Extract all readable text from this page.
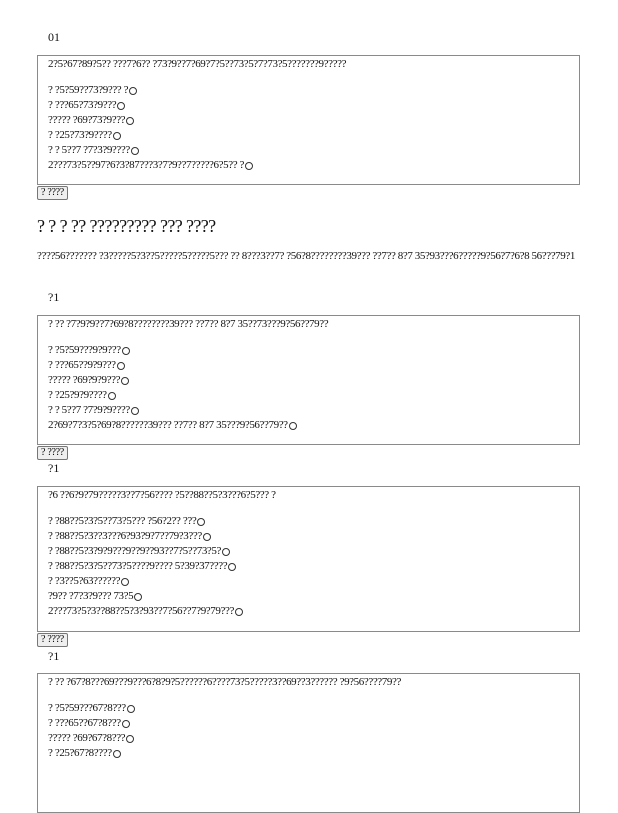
01
2?5?67?89?5?? ???7?6?? ?73?9??7?69?7?5??73?5?7?73?5???????9?????
? ?5?59??73?9??? ?
? ???65?73?9???
????? ?69?73?9???
? ?25?73?9????
? ? 5??7 ?7?3?9????
2???73?5??97?6?3?87???3?7?9??7?????6?5?? ?
? ????
? ? ? ?? ????????? ??? ????
????56??????? ?3?????5?3??5?????5?????5??? ?? 8???3??7? ?56?8????????39??? ??7?? 8?7 35?93???6?????9?56?7?6?8 56???79?1
?1
? ?? ?7?9?9??7?69?8????????39??? ??7?? 8?7 35??73???9?56??79??
? ?5?59???9?9???
? ???65??9?9???
????? ?69?9?9???
? ?25?9?9????
? ? 5??7 ?7?9?9????
2?69?7?3?5?69?8??????39??? ??7?? 8?7 35???9?56??79??
? ????
?1
?6 ??6?9?79?????3??7?56???? ?5??88??5?3???6?5??? ?
? ?88??5?3?5??73?5??? ?56?2?? ???
? ?88??5?3??3???6?93?9?7??79?3???
? ?88??5?3?9?9???9??9??93??7?5??73?5?
? ?88??5?3?5??73?5????9???? 5?39?37????
? ?3??5?63??????
?9?? ?7?3?9??? 73?5
2???73?5?3??88??5?3?93??7?56??7?9?79???
? ????
?1
? ?? ?67?8???69???9???6?8?9?5??????6????73?5?????3??69??3?????? ?9?56????79??
? ?5?59???67?8???
? ???65??67?8???
????? ?69?67?8???
? ?25?67?8????
